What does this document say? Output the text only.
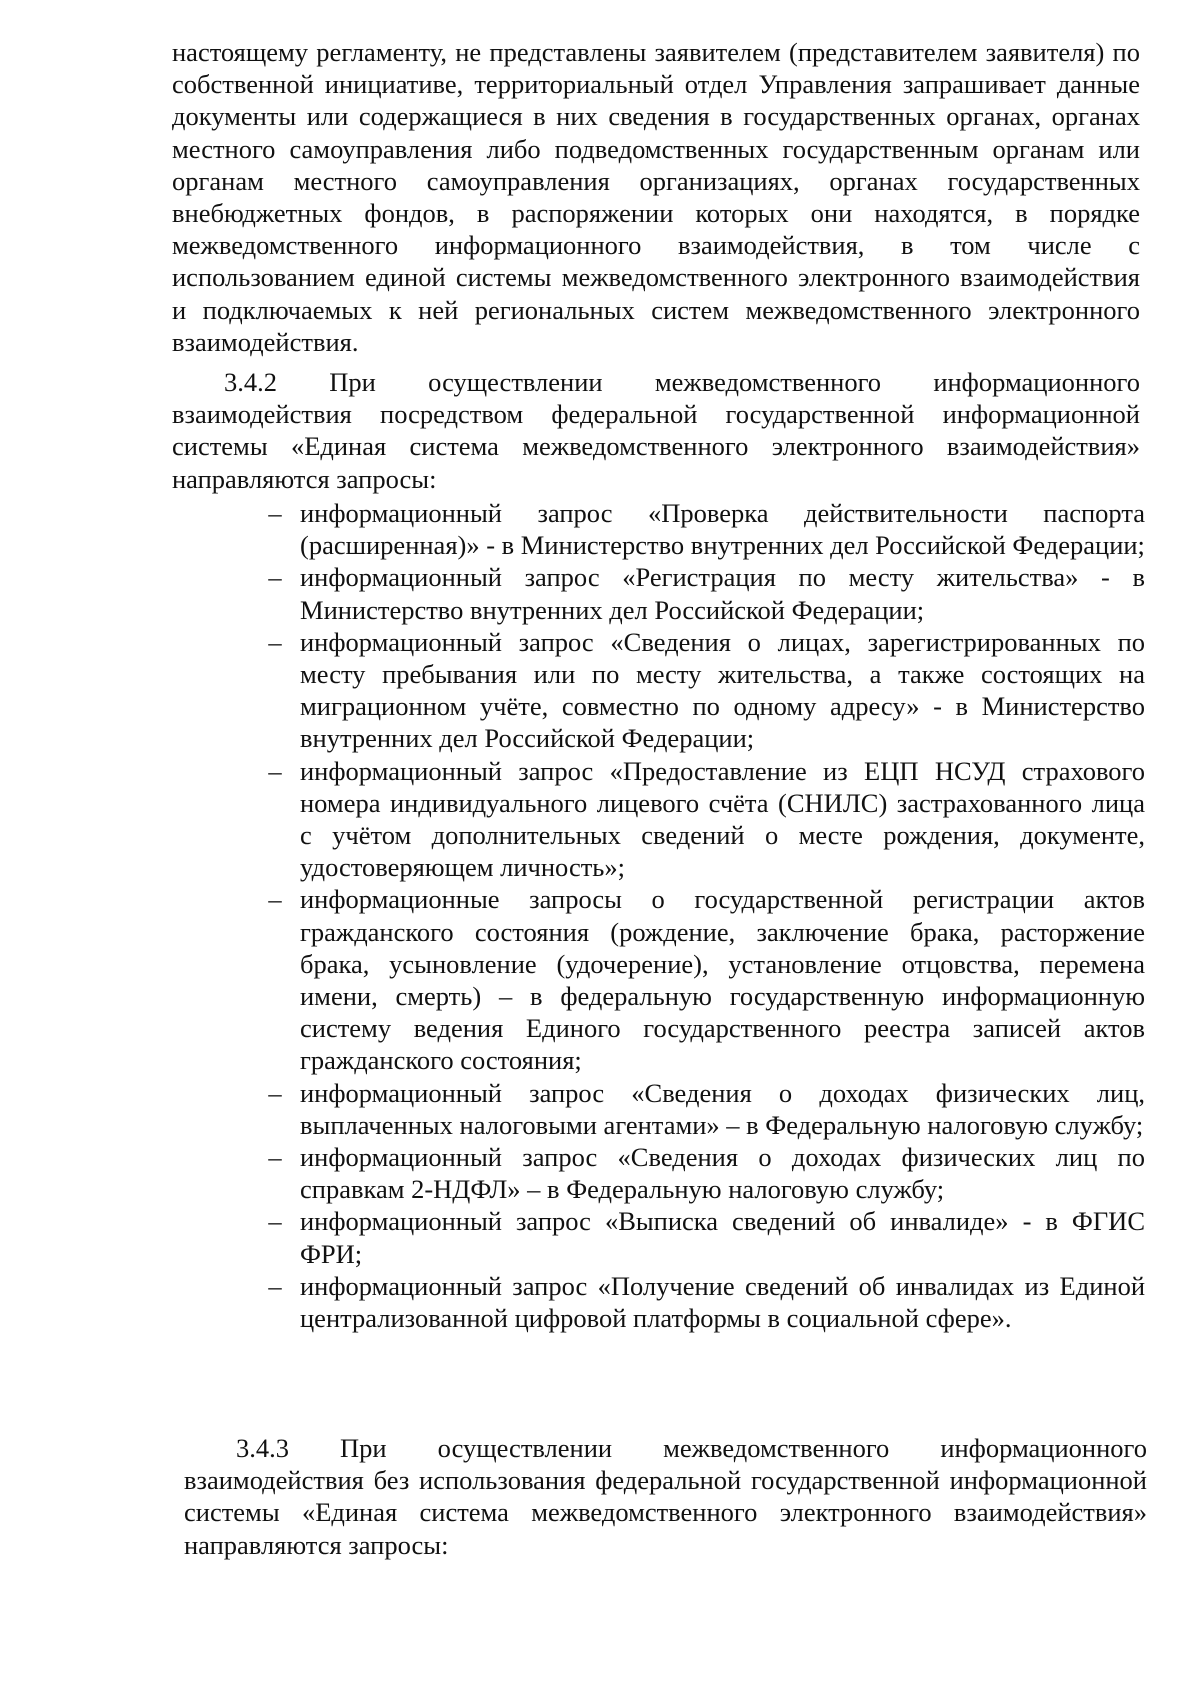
настоящему регламенту, не представлены заявителем (представителем заявителя) по собственной инициативе, территориальный отдел Управления запрашивает данные документы или содержащиеся в них сведения в государственных органах, органах местного самоуправления либо подведомственных государственным органам или органам местного самоуправления организациях, органах государственных внебюджетных фондов, в распоряжении которых они находятся, в порядке межведомственного информационного взаимодействия, в том числе с использованием единой системы межведомственного электронного взаимодействия и подключаемых к ней региональных систем межведомственного электронного взаимодействия.

3.4.2 При осуществлении межведомственного информационного взаимодействия посредством федеральной государственной информационной системы «Единая система межведомственного электронного взаимодействия» направляются запросы:

– информационный запрос «Проверка действительности паспорта (расширенная)» - в Министерство внутренних дел Российской Федерации;
– информационный запрос «Регистрация по месту жительства» - в Министерство внутренних дел Российской Федерации;
– информационный запрос «Сведения о лицах, зарегистрированных по месту пребывания или по месту жительства, а также состоящих на миграционном учёте, совместно по одному адресу» - в Министерство внутренних дел Российской Федерации;
– информационный запрос «Предоставление из ЕЦП НСУД страхового номера индивидуального лицевого счёта (СНИЛС) застрахованного лица с учётом дополнительных сведений о месте рождения, документе, удостоверяющем личность»;
– информационные запросы о государственной регистрации актов гражданского состояния (рождение, заключение брака, расторжение брака, усыновление (удочерение), установление отцовства, перемена имени, смерть) – в федеральную государственную информационную систему ведения Единого государственного реестра записей актов гражданского состояния;
– информационный запрос «Сведения о доходах физических лиц, выплаченных налоговыми агентами» – в Федеральную налоговую службу;
– информационный запрос «Сведения о доходах физических лиц по справкам 2-НДФЛ» – в Федеральную налоговую службу;
– информационный запрос «Выписка сведений об инвалиде» - в ФГИС ФРИ;
– информационный запрос «Получение сведений об инвалидах из Единой централизованной цифровой платформы в социальной сфере».

3.4.3 При осуществлении межведомственного информационного взаимодействия без использования федеральной государственной информационной системы «Единая система межведомственного электронного взаимодействия» направляются запросы:
